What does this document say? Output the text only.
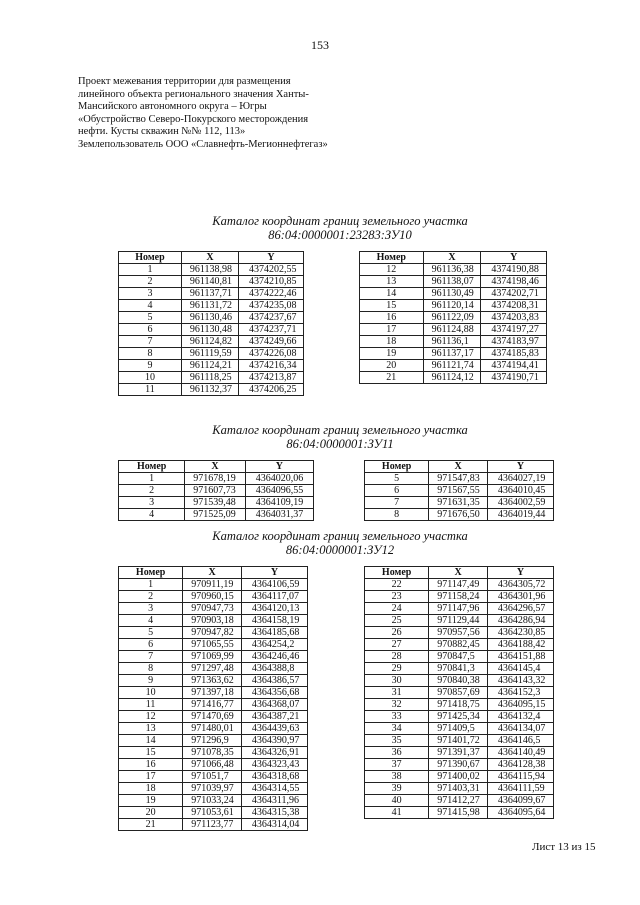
153
Проект межевания территории для размещения
линейного объекта регионального значения Ханты-
Мансийского автономного округа – Югры
«Обустройство Северо-Покурского месторождения
нефти. Кусты скважин №№ 112, 113»
Землепользователь ООО «Славнефть-Мегионнефтегаз»
Каталог координат границ земельного участка
86:04:0000001:23283:ЗУ10
Номер	X	Y
1	961138,98	4374202,55
2	961140,81	4374210,85
3	961137,71	4374222,46
4	961131,72	4374235,08
5	961130,46	4374237,67
6	961130,48	4374237,71
7	961124,82	4374249,66
8	961119,59	4374226,08
9	961124,21	4374216,34
10	961118,25	4374213,87
11	961132,37	4374206,25
Номер	X	Y
12	961136,38	4374190,88
13	961138,07	4374198,46
14	961130,49	4374202,71
15	961120,14	4374208,31
16	961122,09	4374203,83
17	961124,88	4374197,27
18	961136,1	4374183,97
19	961137,17	4374185,83
20	961121,74	4374194,41
21	961124,12	4374190,71
Каталог координат границ земельного участка
86:04:0000001:ЗУ11
Номер	X	Y
1	971678,19	4364020,06
2	971607,73	4364096,55
3	971539,48	4364109,19
4	971525,09	4364031,37
Номер	X	Y
5	971547,83	4364027,19
6	971567,55	4364010,45
7	971631,35	4364002,59
8	971676,50	4364019,44
Каталог координат границ земельного участка
86:04:0000001:ЗУ12
Номер	X	Y
1	970911,19	4364106,59
2	970960,15	4364117,07
3	970947,73	4364120,13
4	970903,18	4364158,19
5	970947,82	4364185,68
6	971065,55	4364254,2
7	971069,99	4364246,46
8	971297,48	4364388,8
9	971363,62	4364386,57
10	971397,18	4364356,68
11	971416,77	4364368,07
12	971470,69	4364387,21
13	971480,01	4364439,63
14	971296,9	4364390,97
15	971078,35	4364326,91
16	971066,48	4364323,43
17	971051,7	4364318,68
18	971039,97	4364314,55
19	971033,24	4364311,96
20	971053,61	4364315,38
21	971123,77	4364314,04
Номер	X	Y
22	971147,49	4364305,72
23	971158,24	4364301,96
24	971147,96	4364296,57
25	971129,44	4364286,94
26	970957,56	4364230,85
27	970882,45	4364188,42
28	970847,5	4364151,88
29	970841,3	4364145,4
30	970840,38	4364143,32
31	970857,69	4364152,3
32	971418,75	4364095,15
33	971425,34	4364132,4
34	971409,5	4364134,07
35	971401,72	4364146,5
36	971391,37	4364140,49
37	971390,67	4364128,38
38	971400,02	4364115,94
39	971403,31	4364111,59
40	971412,27	4364099,67
41	971415,98	4364095,64
Лист 13 из 15
